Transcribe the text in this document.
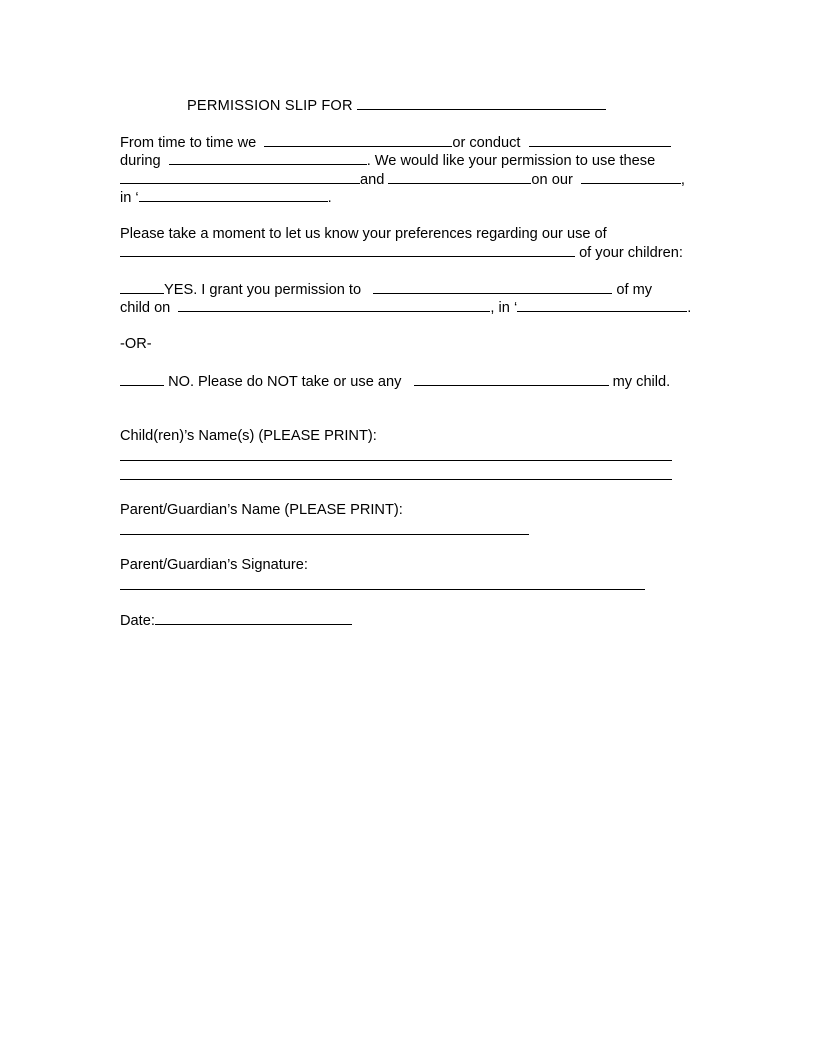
PERMISSION SLIP FOR
From time to time we	or conduct
during	. We would like your permission to use these
and	on our	,
in ‘	.
Please take a moment to let us know your preferences regarding our use of
of your children:
YES. I grant you permission to	of my
child on	, in ‘	.
-OR-
NO. Please do NOT take or use any	my child.
Child(ren)’s Name(s) (PLEASE PRINT):
Parent/Guardian’s Name (PLEASE PRINT):
Parent/Guardian’s Signature:
Date:
